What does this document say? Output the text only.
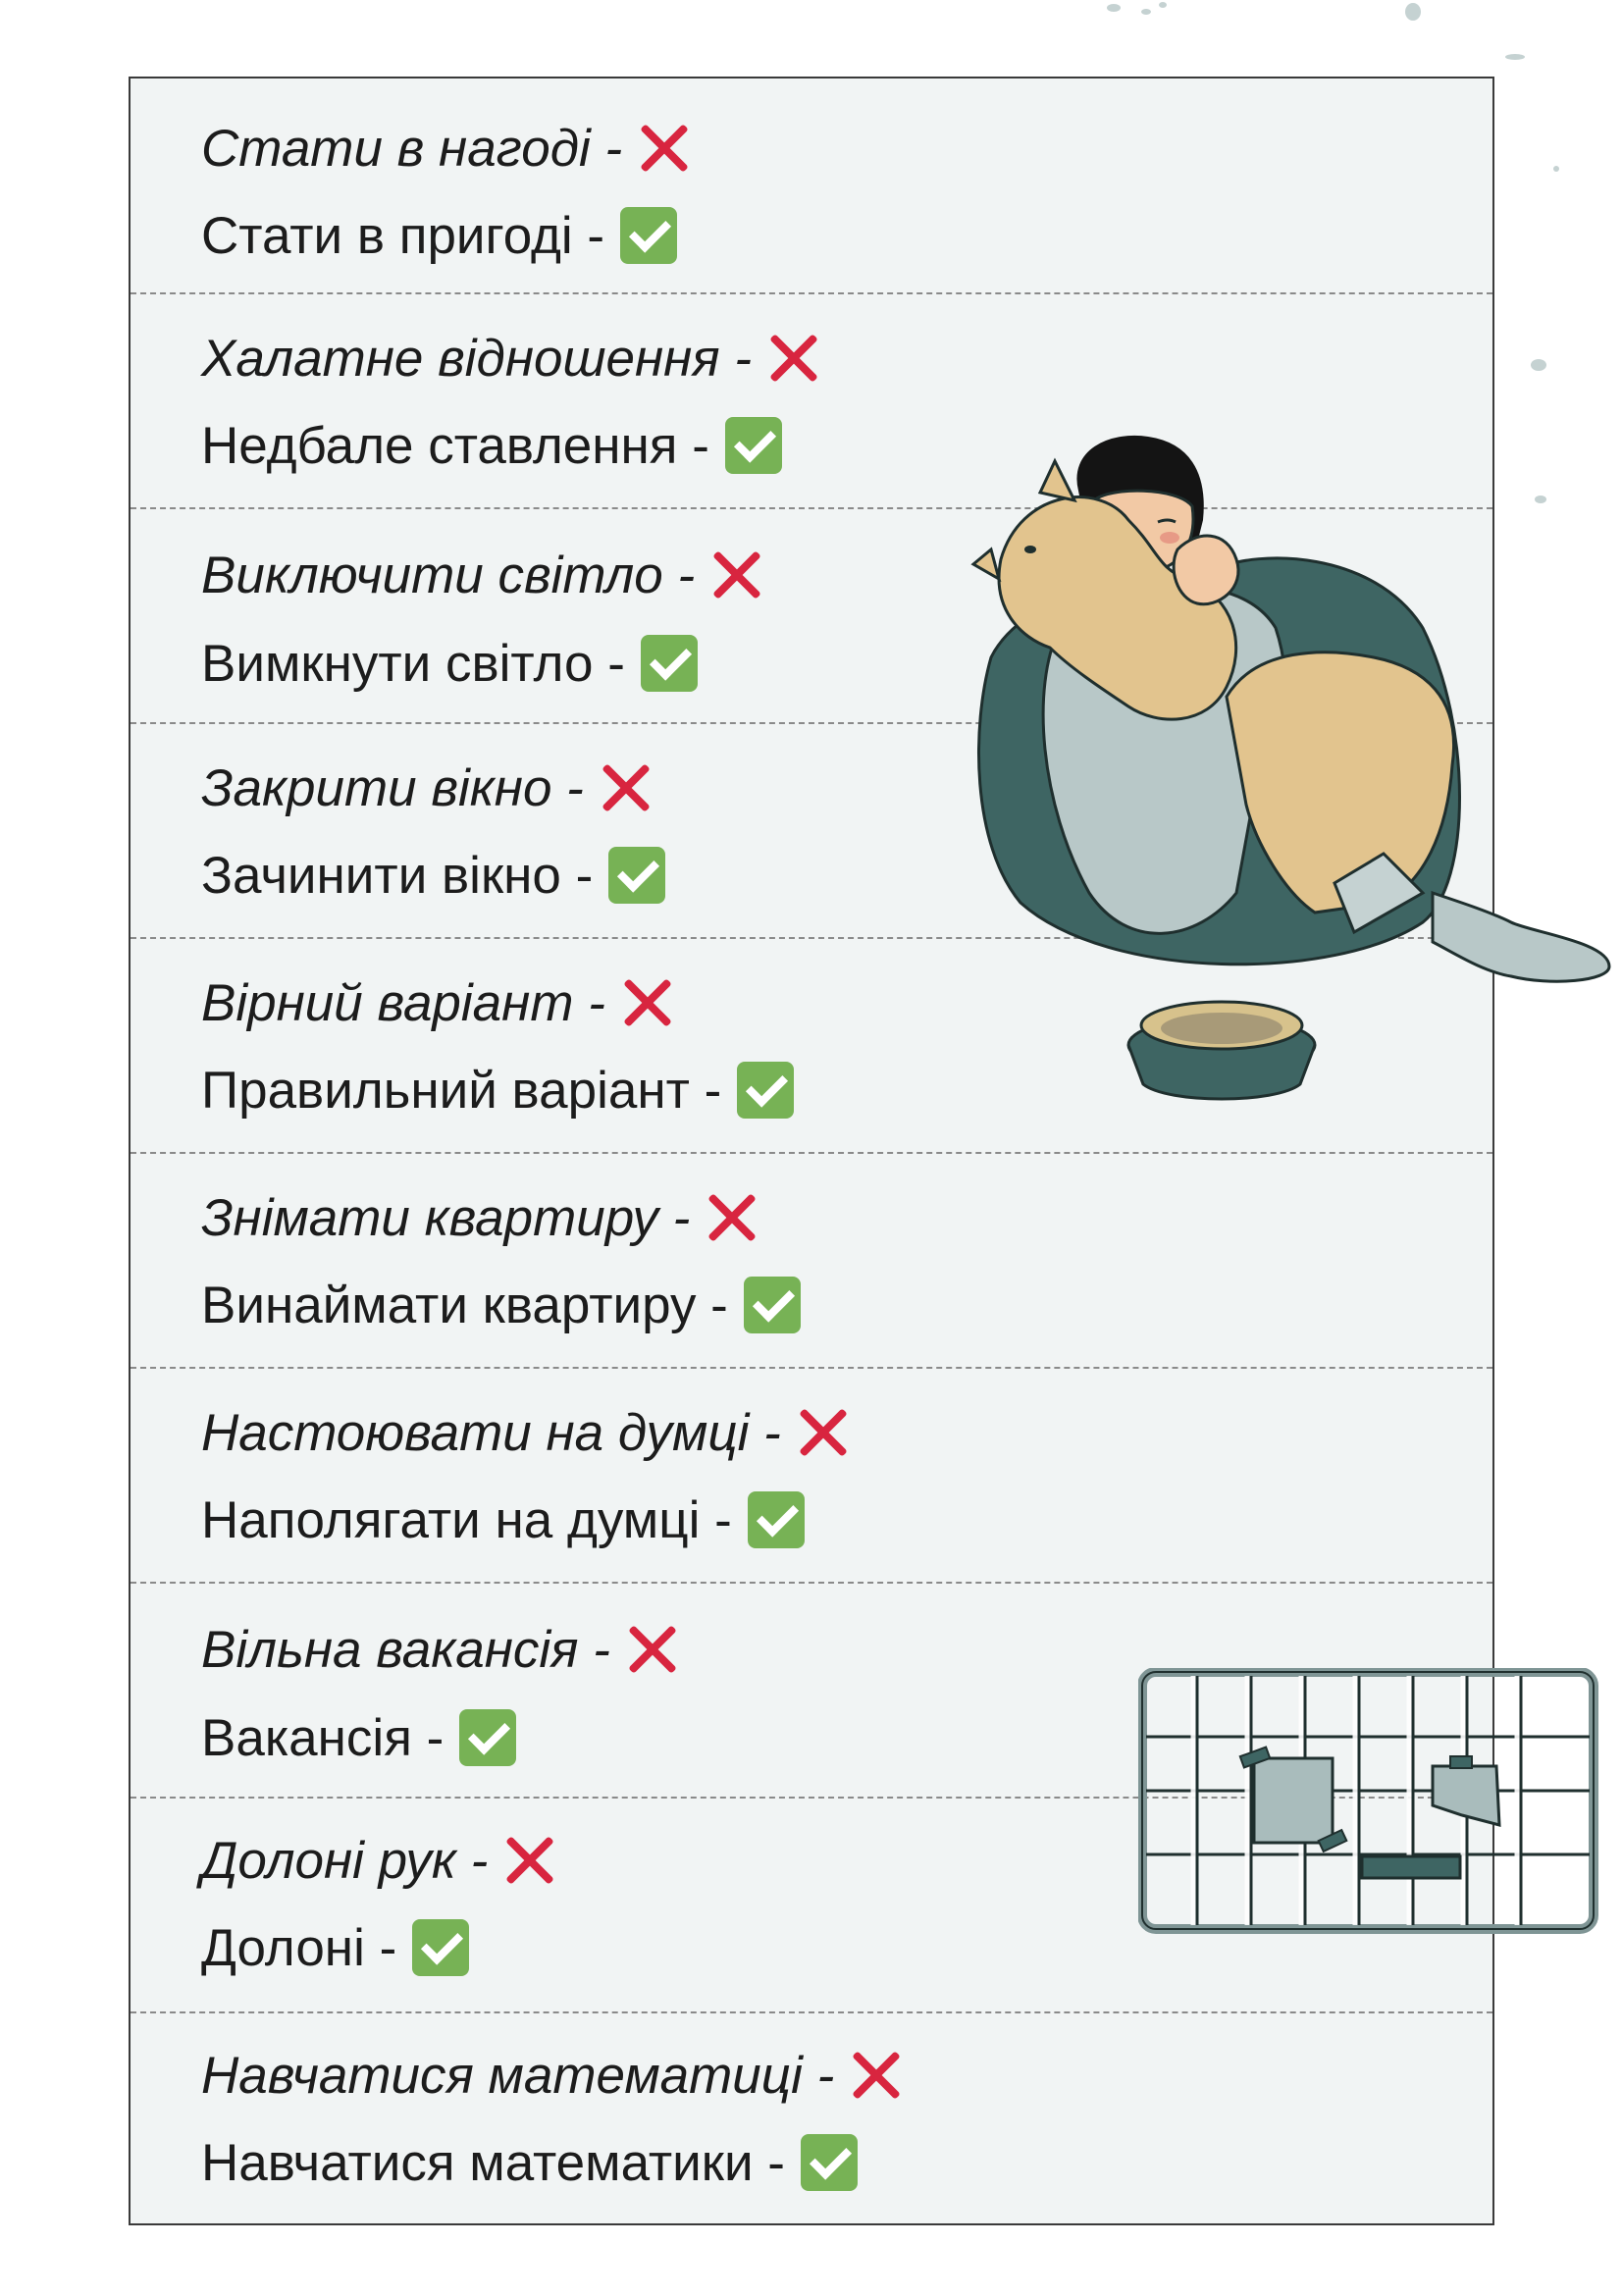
Стати в нагоді -
Стати в пригоді -
Халатне відношення -
Недбале ставлення -
Виключити світло -
Вимкнути світло -
Закрити вікно -
Зачинити вікно -
Вірний варіант -
Правильний варіант -
Знімати квартиру -
Винаймати квартиру -
Настоювати на думці -
Наполягати на думці -
Вільна вакансія -
Вакансія -
Долоні рук -
Долоні -
Навчатися математиці -
Навчатися математики -
